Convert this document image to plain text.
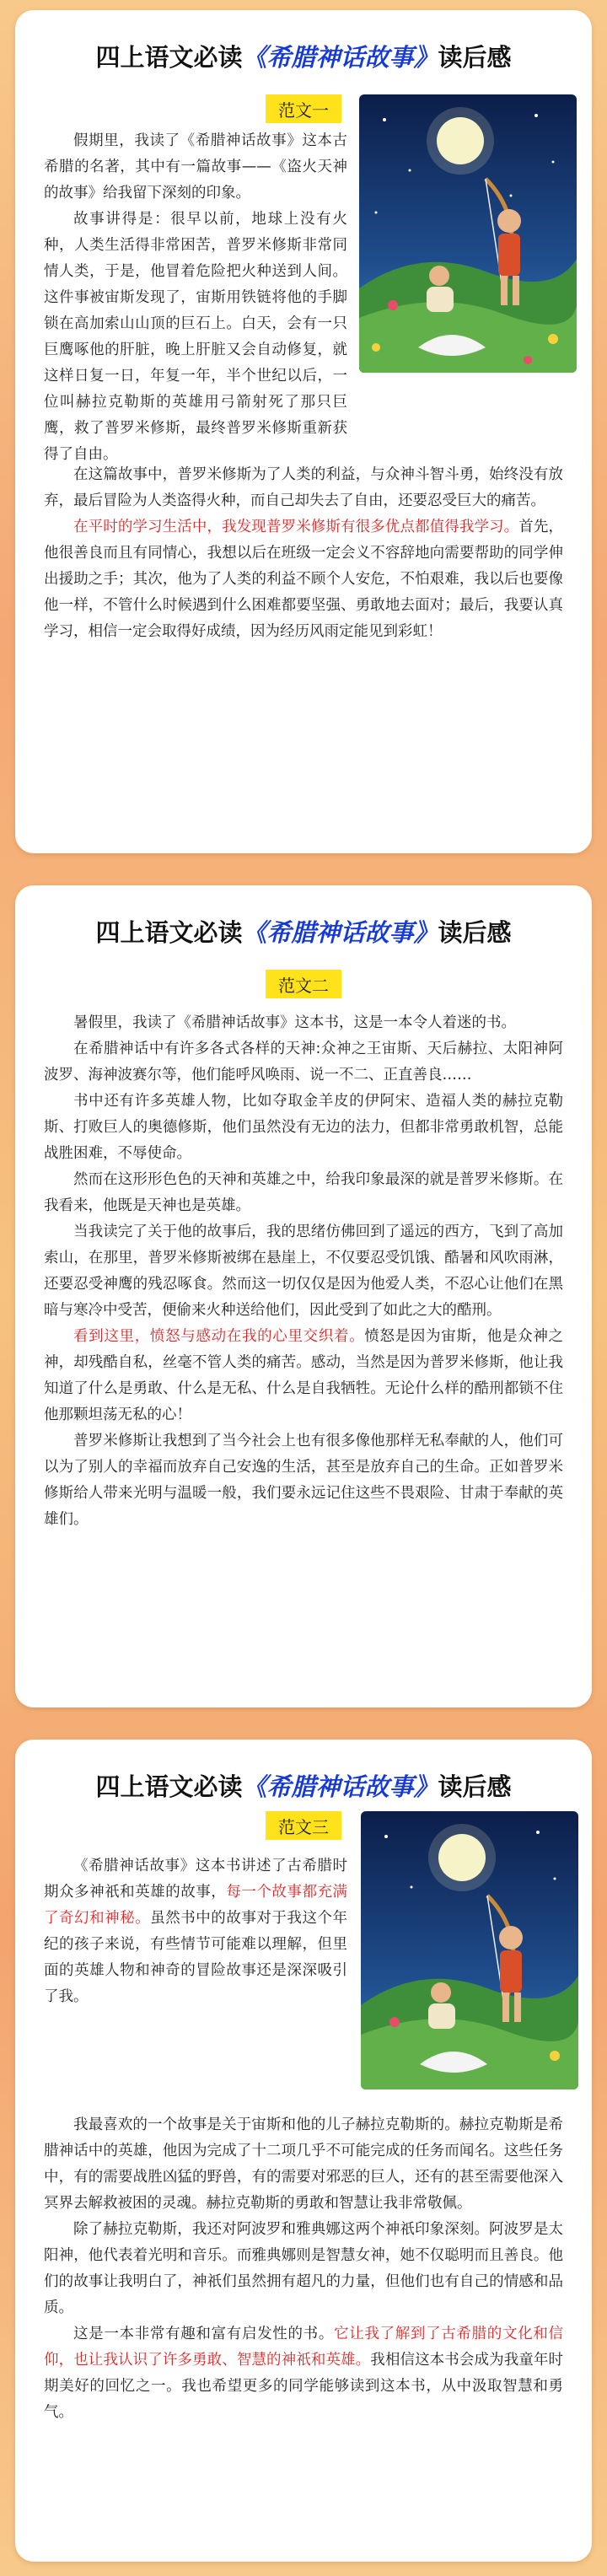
四上语文必读《希腊神话故事》读后感
范文一

假期里，我读了《希腊神话故事》这本古希腊的名著，其中有一篇故事——《盗火天神的故事》给我留下深刻的印象。

故事讲得是：很早以前，地球上没有火种，人类生活得非常困苦，普罗米修斯非常同情人类，于是，他冒着危险把火种送到人间。这件事被宙斯发现了，宙斯用铁链将他的手脚锁在高加索山山顶的巨石上。白天，会有一只巨鹰啄他的肝脏，晚上肝脏又会自动修复，就这样日复一日，年复一年，半个世纪以后，一位叫赫拉克勒斯的英雄用弓箭射死了那只巨鹰，救了普罗米修斯，最终普罗米修斯重新获得了自由。

四上语文必读《希腊神话故事》读后感
范文二

暑假里，我读了《希腊神话故事》这本书，这是一本令人着迷的书。

在希腊神话中有许多各式各样的天神:众神之王宙斯、天后赫拉、太阳神阿波罗、海神波赛尔等，他们能呼风唤雨、说一不二、正直善良……

书中还有许多英雄人物，比如夺取金羊皮的伊阿宋、造福人类的赫拉克勒斯、打败巨人的奥德修斯，他们虽然没有无边的法力，但都非常勇敢机智，总能战胜困难，不辱使命。

然而在这形形色色的天神和英雄之中，给我印象最深的就是普罗米修斯。在我看来，他既是天神也是英雄。

当我读完了关于他的故事后，我的思绪仿佛回到了遥远的西方，飞到了高加索山，在那里，普罗米修斯被绑在悬崖上，不仅要忍受饥饿、酷暑和风吹雨淋，还要忍受神鹰的残忍啄食。然而这一切仅仅是因为他爱人类，不忍心让他们在黑暗与寒冷中受苦，便偷来火种送给他们，因此受到了如此之大的酷刑。

看到这里，愤怒与感动在我的心里交织着。愤怒是因为宙斯，他是众神之神，却残酷自私，丝毫不管人类的痛苦。感动，当然是因为普罗米修斯，他让我知道了什么是勇敢、什么是无私、什么是自我牺牲。无论什么样的酷刑都锁不住他那颗坦荡无私的心！

普罗米修斯让我想到了当今社会上也有很多像他那样无私奉献的人，他们可以为了别人的幸福而放弃自己安逸的生活，甚至是放弃自己的生命。正如普罗米修斯给人带来光明与温暖一般，我们要永远记住这些不畏艰险、甘肃于奉献的英雄们。

四上语文必读《希腊神话故事》读后感
范文三

《希腊神话故事》这本书讲述了古希腊时期众多神祇和英雄的故事，每一个故事都充满了奇幻和神秘。虽然书中的故事对于我这个年纪的孩子来说，有些情节可能难以理解，但里面的英雄人物和神奇的冒险故事还是深深吸引了我。

在这篇故事中，普罗米修斯为了人类的利益，与众神斗智斗勇，始终没有放弃，最后冒险为人类盗得火种，而自己却失去了自由，还要忍受巨大的痛苦。

在平时的学习生活中，我发现普罗米修斯有很多优点都值得我学习。首先，他很善良而且有同情心，我想以后在班级一定会义不容辞地向需要帮助的同学伸出援助之手；其次，他为了人类的利益不顾个人安危，不怕艰难，我以后也要像他一样，不管什么时候遇到什么困难都要坚强、勇敢地去面对；最后，我要认真学习，相信一定会取得好成绩，因为经历风雨定能见到彩虹！

我最喜欢的一个故事是关于宙斯和他的儿子赫拉克勒斯的。赫拉克勒斯是希腊神话中的英雄，他因为完成了十二项几乎不可能完成的任务而闻名。这些任务中，有的需要战胜凶猛的野兽，有的需要对邪恶的巨人，还有的甚至需要他深入冥界去解救被困的灵魂。赫拉克勒斯的勇敢和智慧让我非常敬佩。

除了赫拉克勒斯，我还对阿波罗和雅典娜这两个神祇印象深刻。阿波罗是太阳神，他代表着光明和音乐。而雅典娜则是智慧女神，她不仅聪明而且善良。他们的故事让我明白了，神祇们虽然拥有超凡的力量，但他们也有自己的情感和品质。

这是一本非常有趣和富有启发性的书。它让我了解到了古希腊的文化和信仰，也让我认识了许多勇敢、智慧的神祇和英雄。我相信这本书会成为我童年时期美好的回忆之一。我也希望更多的同学能够读到这本书，从中汲取智慧和勇气。
